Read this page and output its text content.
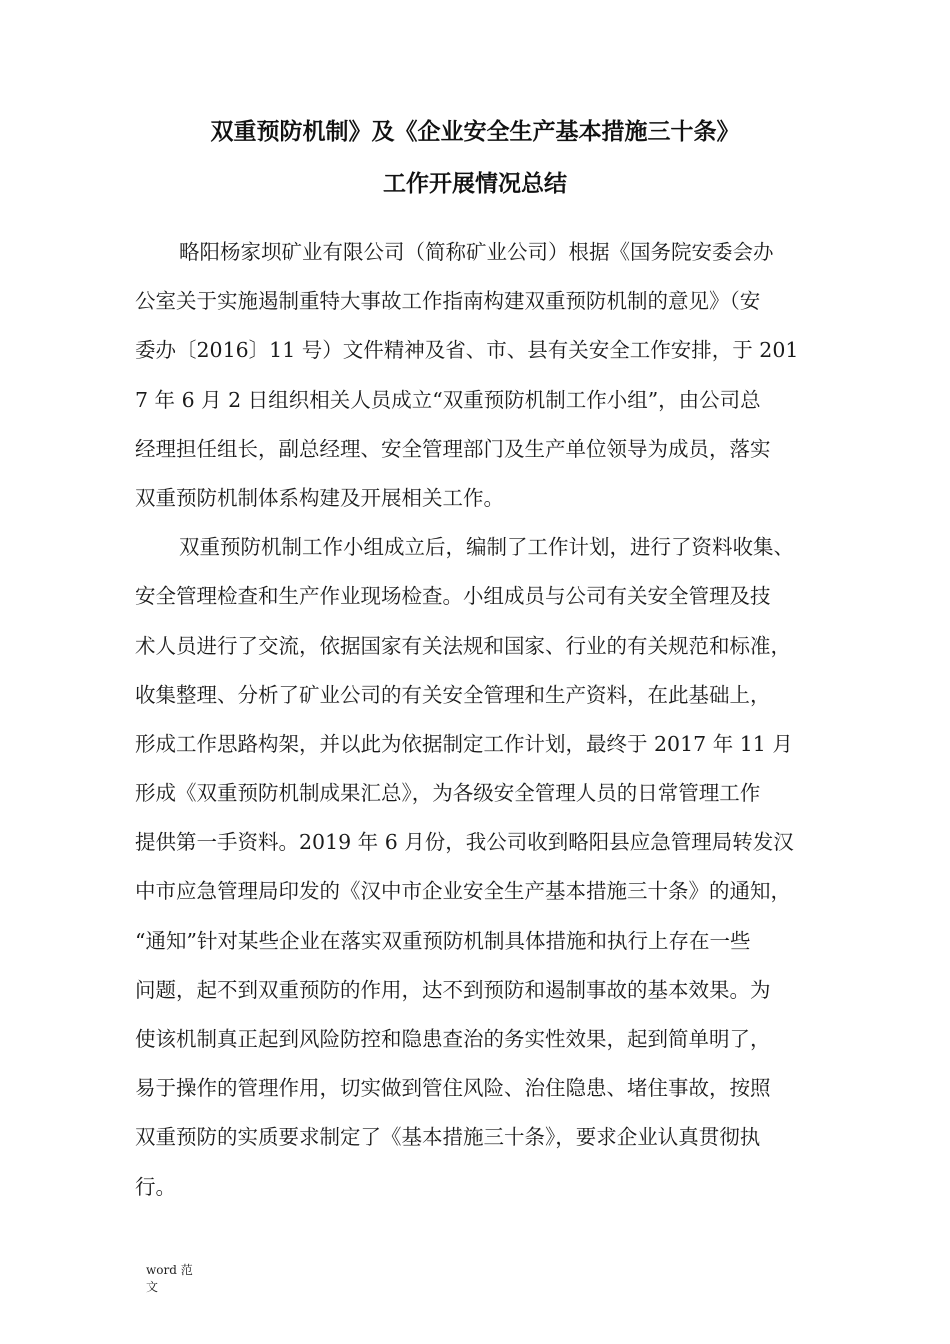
双重预防机制》及《企业安全生产基本措施三十条》
工作开展情况总结
略阳杨家坝矿业有限公司（简称矿业公司）根据《国务院安委会办
公室关于实施遏制重特大事故工作指南构建双重预防机制的意见》（安
委办〔2016〕11 号）文件精神及省、市、县有关安全工作安排，于 201
7 年 6 月 2 日组织相关人员成立“双重预防机制工作小组”，由公司总
经理担任组长，副总经理、安全管理部门及生产单位领导为成员，落实
双重预防机制体系构建及开展相关工作。
双重预防机制工作小组成立后，编制了工作计划，进行了资料收集、
安全管理检查和生产作业现场检查。小组成员与公司有关安全管理及技
术人员进行了交流，依据国家有关法规和国家、行业的有关规范和标准，
收集整理、分析了矿业公司的有关安全管理和生产资料，在此基础上，
形成工作思路构架，并以此为依据制定工作计划，最终于 2017 年 11 月
形成《双重预防机制成果汇总》，为各级安全管理人员的日常管理工作
提供第一手资料。2019 年 6 月份，我公司收到略阳县应急管理局转发汉
中市应急管理局印发的《汉中市企业安全生产基本措施三十条》的通知，
“通知”针对某些企业在落实双重预防机制具体措施和执行上存在一些
问题，起不到双重预防的作用，达不到预防和遏制事故的基本效果。为
使该机制真正起到风险防控和隐患查治的务实性效果，起到简单明了，
易于操作的管理作用，切实做到管住风险、治住隐患、堵住事故，按照
双重预防的实质要求制定了《基本措施三十条》，要求企业认真贯彻执
行。
word 范
文
